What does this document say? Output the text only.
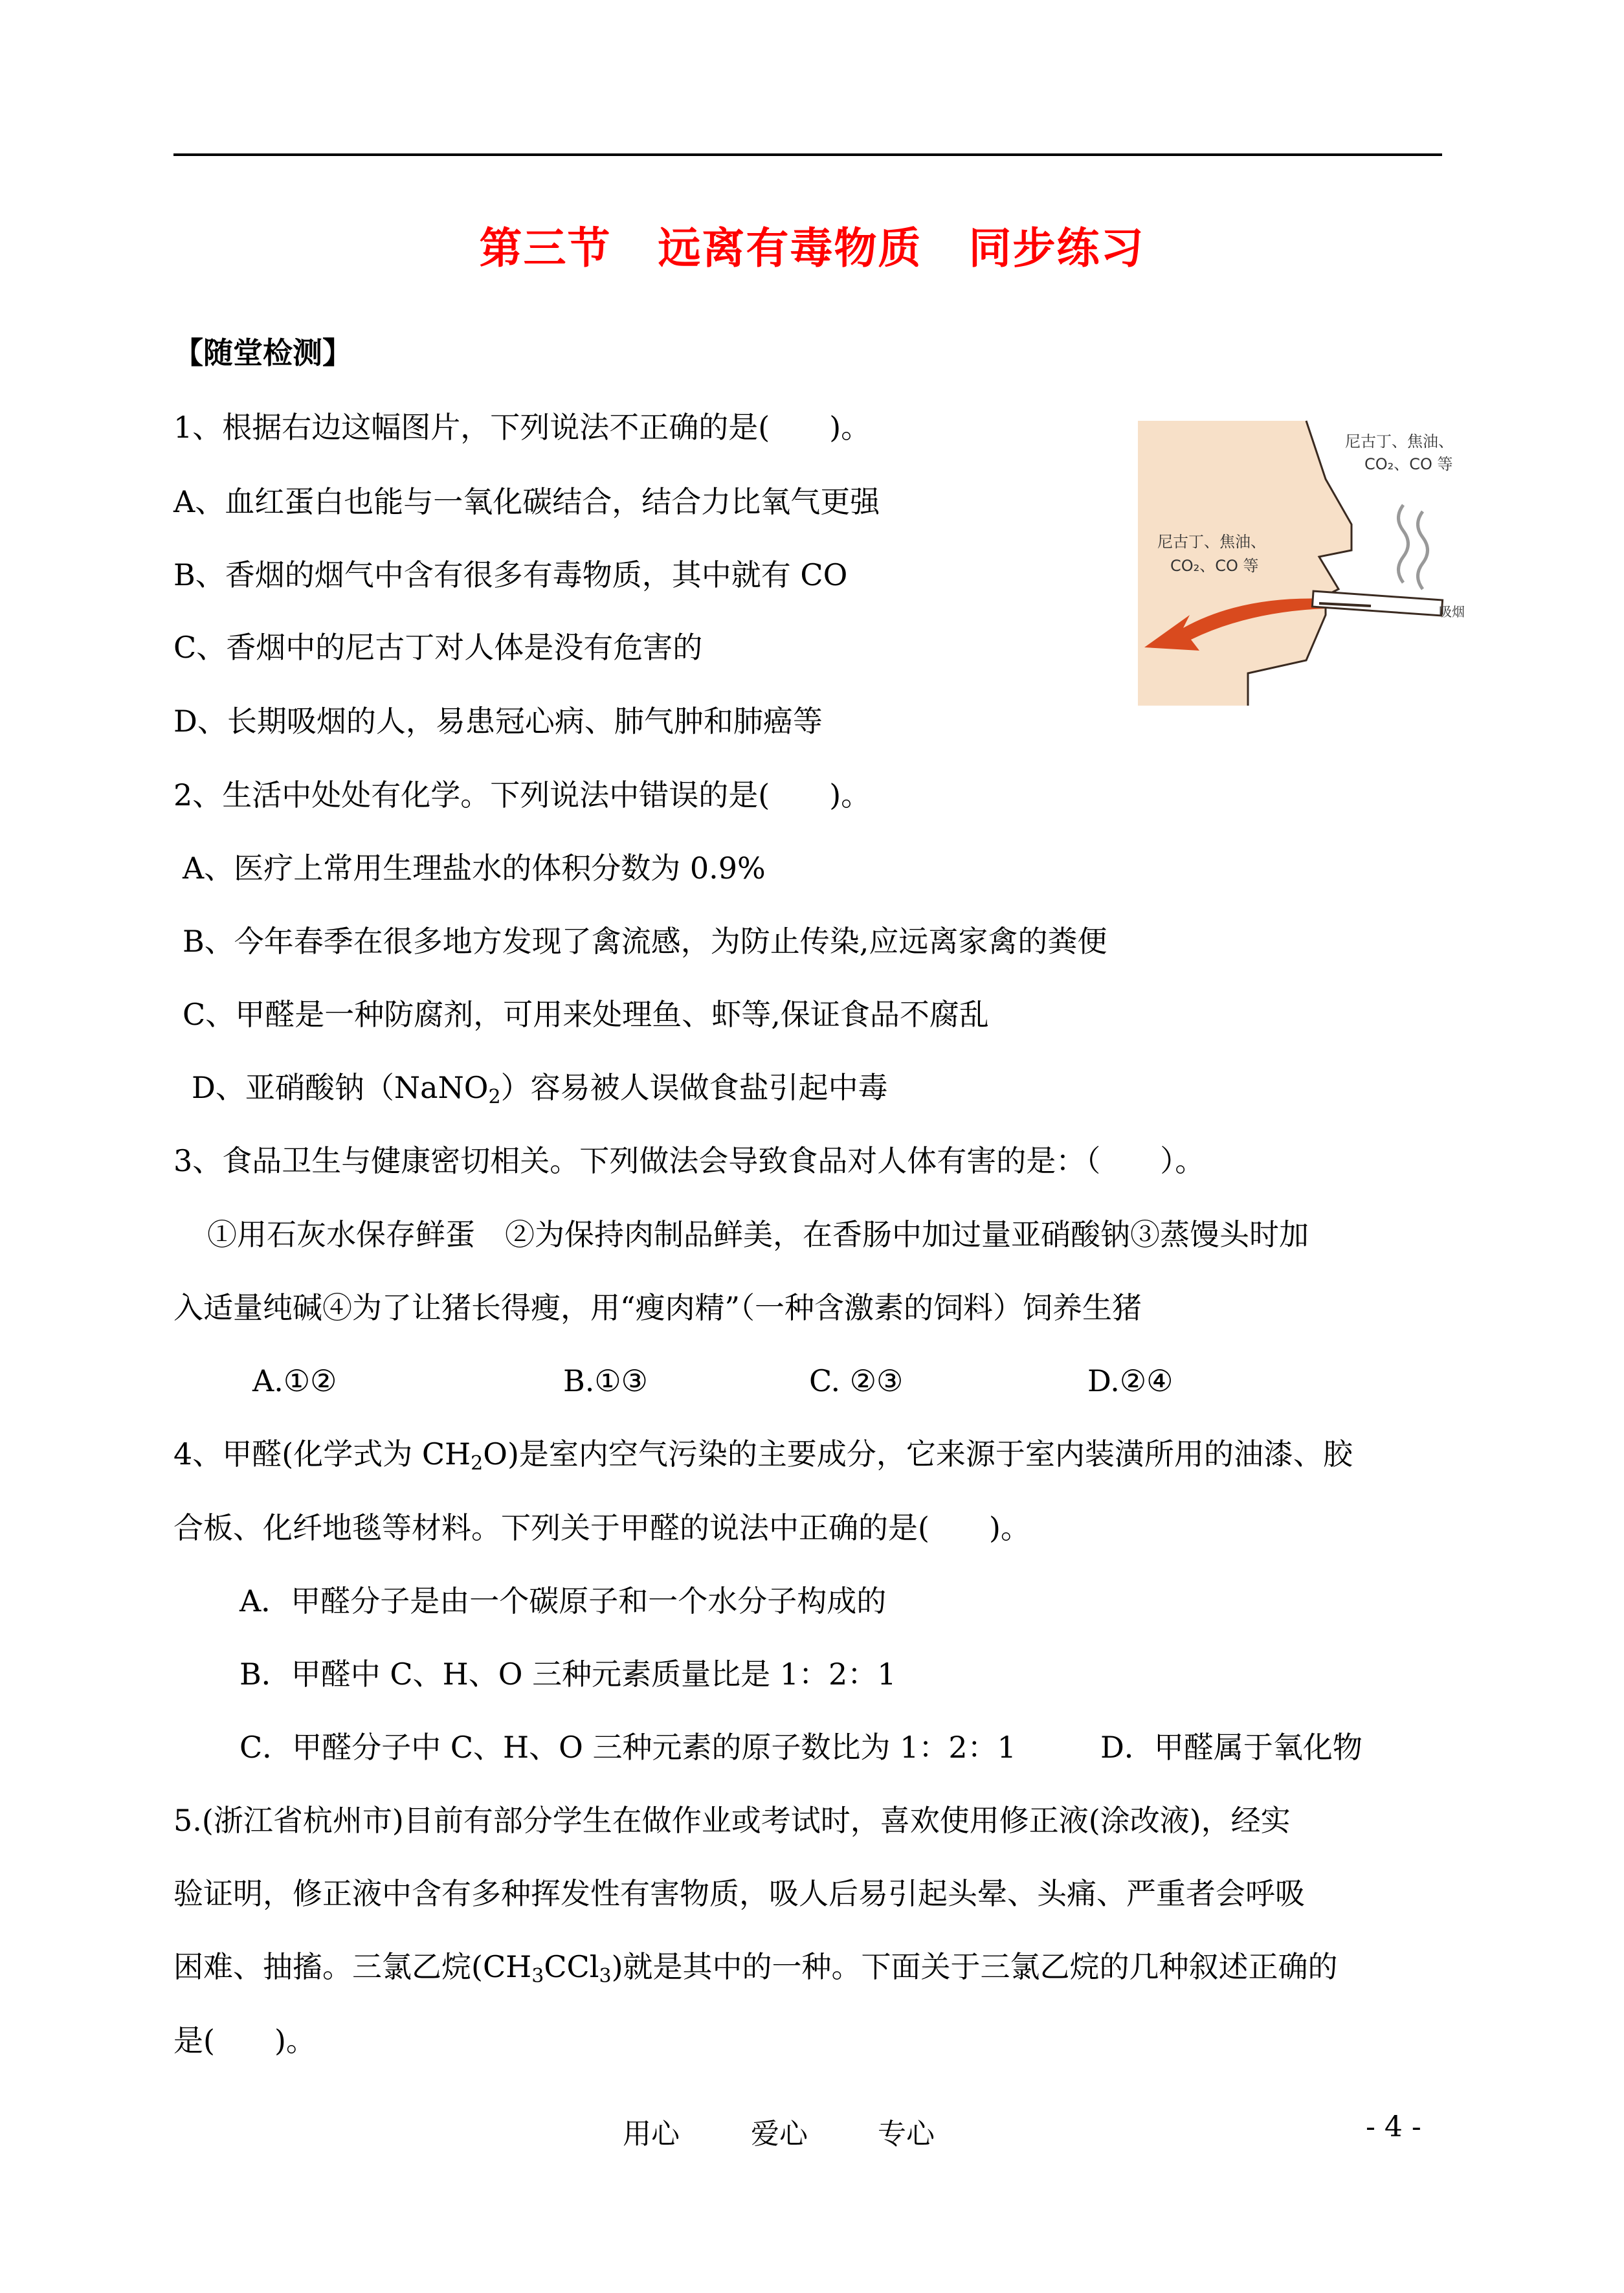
第三节 远离有毒物质 同步练习
【随堂检测】
尼古丁、焦油、
CO₂、CO 等
尼古丁、焦油、
CO₂、CO 等
吸烟
1、根据右边这幅图片，下列说法不正确的是(　　)。
A、血红蛋白也能与一氧化碳结合，结合力比氧气更强
B、香烟的烟气中含有很多有毒物质，其中就有 CO
C、香烟中的尼古丁对人体是没有危害的
D、长期吸烟的人，易患冠心病、肺气肿和肺癌等
2、生活中处处有化学。下列说法中错误的是(　　)。
A、医疗上常用生理盐水的体积分数为 0.9%
B、今年春季在很多地方发现了禽流感，为防止传染,应远离家禽的粪便
C、甲醛是一种防腐剂，可用来处理鱼、虾等,保证食品不腐乱
D、亚硝酸钠（NaNO$_2$）容易被人误做食盐引起中毒
3、食品卫生与健康密切相关。下列做法会导致食品对人体有害的是：（　　）。
①用石灰水保存鲜蛋　②为保持肉制品鲜美，在香肠中加过量亚硝酸钠③蒸馒头时加
入适量纯碱④为了让猪长得瘦，用“瘦肉精”（一种含激素的饲料）饲养生猪
A.①②	B.①③	C. ②③	D.②④
4、甲醛(化学式为 $CH_2O$)是室内空气污染的主要成分，它来源于室内装潢所用的油漆、胶
合板、化纤地毯等材料。下列关于甲醛的说法中正确的是(　　)。
A．甲醛分子是由一个碳原子和一个水分子构成的
B．甲醛中 C、H、O 三种元素质量比是 1：2：1
C．甲醛分子中 C、H、O 三种元素的原子数比为 1：2：1	D．甲醛属于氧化物
5.(浙江省杭州市)目前有部分学生在做作业或考试时，喜欢使用修正液(涂改液)，经实
验证明，修正液中含有多种挥发性有害物质，吸人后易引起头晕、头痛、严重者会呼吸
困难、抽搐。三氯乙烷$(CH_3CCl_3)$就是其中的一种。下面关于三氯乙烷的几种叙述正确的
是(　　)。
用心	爱心 专心	- 4 -
